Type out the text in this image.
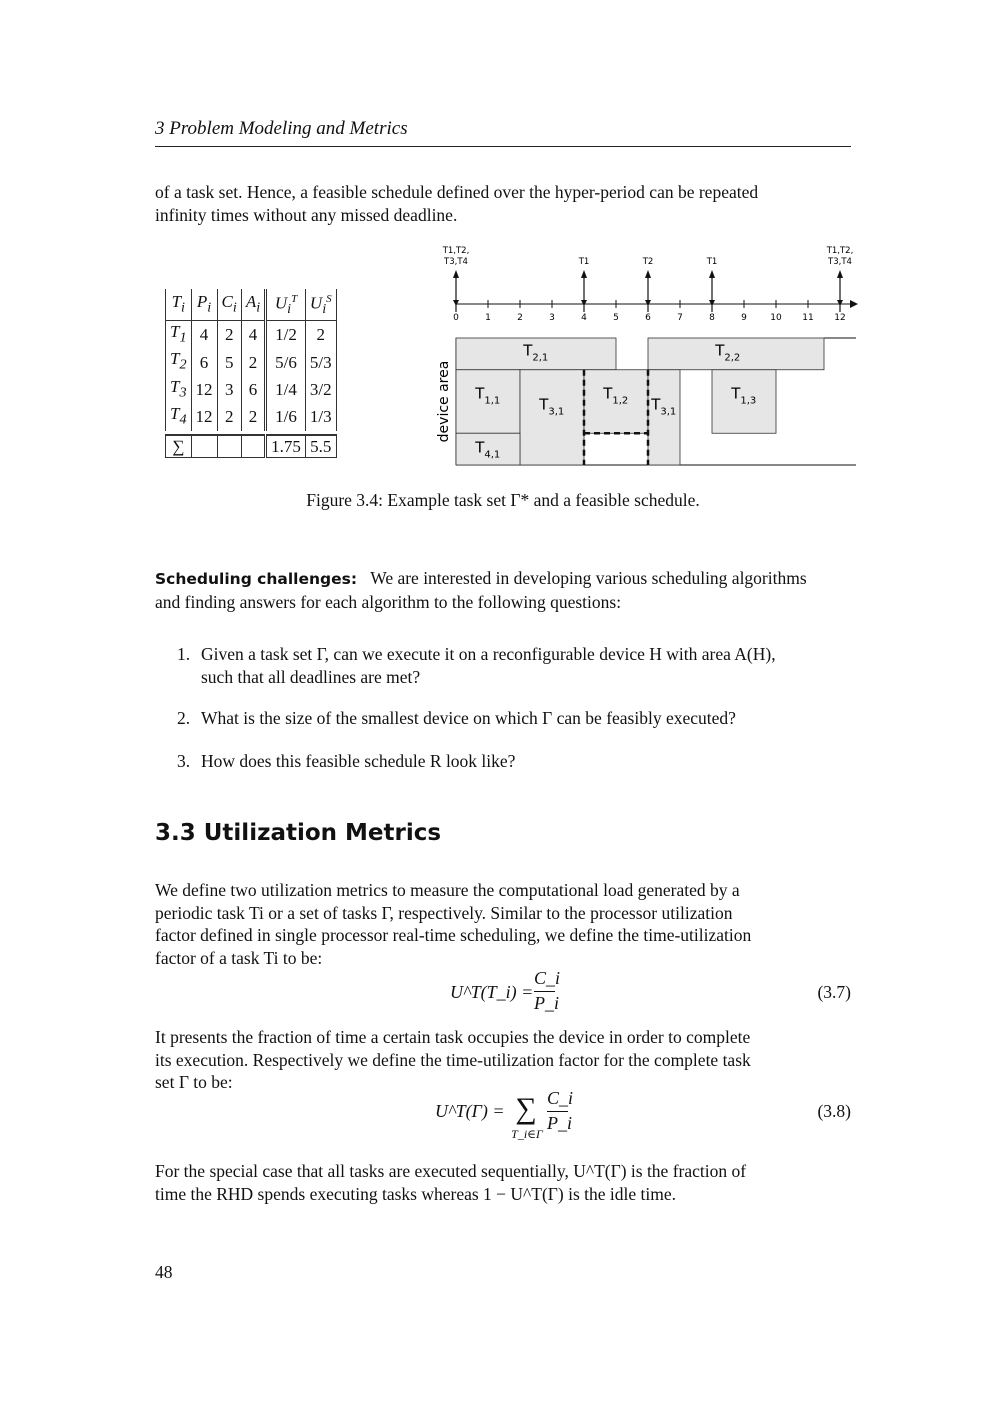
3 Problem Modeling and Metrics
of a task set. Hence, a feasible schedule defined over the hyper-period can be repeated
infinity times without any missed deadline.
$T_i$	$P_i$	$C_i$	$A_i$	$U_i^T$	$U_i^S$
$T_1$	4	2	4	1/2	2
$T_2$	6	5	2	5/6	5/3
$T_3$	12	3	6	1/4	3/2
$T_4$	12	2	2	1/6	1/3

∑				1.75	5.5
0	1	2	3	4	5	6	7	8	9	10 11 12
T1,T2,
T3,T4	T1	T2	T1
T1,T2,
T3,T4
device area
$T_{2,1}$	$T_{2,2}$
$T_{1,1}$	$T_{3,1}$
$T_{1,2}$ $T_{3,1}$
$T_{1,3}$
$T_{4,1}$
Figure 3.4: Example task set Γ* and a feasible schedule.
Scheduling challenges: We are interested in developing various scheduling algorithms
and finding answers for each algorithm to the following questions:
1. Given a task set Γ, can we execute it on a reconfigurable device H with area A(H),
such that all deadlines are met?
2. What is the size of the smallest device on which Γ can be feasibly executed?
3. How does this feasible schedule R look like?
3.3 Utilization Metrics
We define two utilization metrics to measure the computational load generated by a
periodic task Ti or a set of tasks Γ, respectively. Similar to the processor utilization
factor defined in single processor real-time scheduling, we define the time-utilization
factor of a task Ti to be:
U^T(T_i) =
C_i
P_i
(3.7)
It presents the fraction of time a certain task occupies the device in order to complete
its execution. Respectively we define the time-utilization factor for the complete task
set Γ to be:
U^T(Γ) = ∑
T_i∈Γ
C_i
P_i
(3.8)
For the special case that all tasks are executed sequentially, U^T(Γ) is the fraction of
time the RHD spends executing tasks whereas 1 − U^T(Γ) is the idle time.
48
